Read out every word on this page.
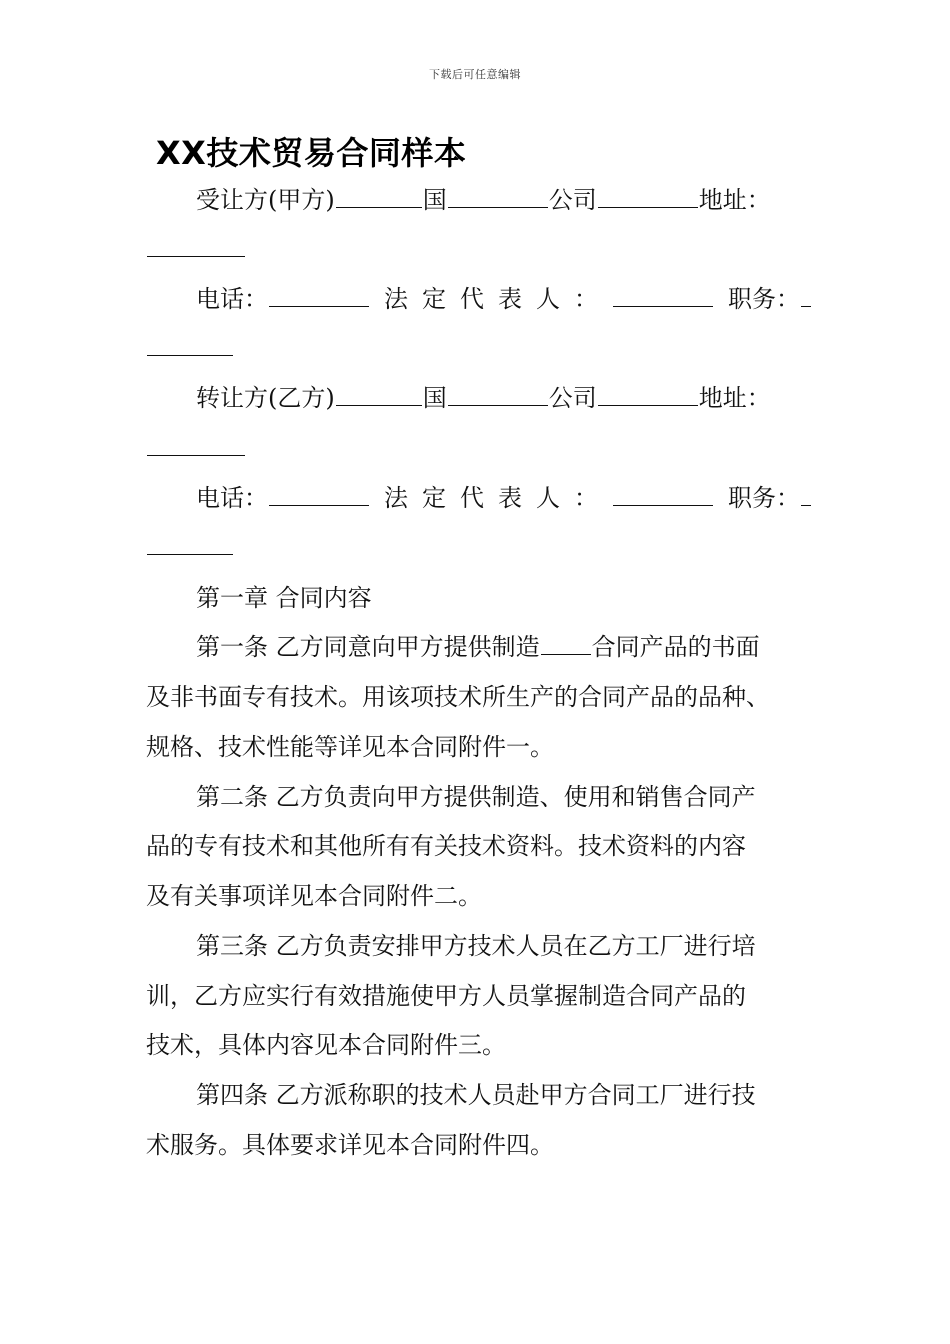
下载后可任意编辑
XX技术贸易合同样本
受让方(甲方)	国	公司	地址：
电话：	法定代表人：	职务：
转让方(乙方)	国	公司	地址：
电话：	法定代表人：	职务：
第一章 合同内容
第一条 乙方同意向甲方提供制造 合同产品的书面
及非书面专有技术。用该项技术所生产的合同产品的品种、
规格、技术性能等详见本合同附件一。
第二条 乙方负责向甲方提供制造、使用和销售合同产
品的专有技术和其他所有有关技术资料。技术资料的内容
及有关事项详见本合同附件二。
第三条 乙方负责安排甲方技术人员在乙方工厂进行培
训，乙方应实行有效措施使甲方人员掌握制造合同产品的
技术，具体内容见本合同附件三。
第四条 乙方派称职的技术人员赴甲方合同工厂进行技
术服务。具体要求详见本合同附件四。
